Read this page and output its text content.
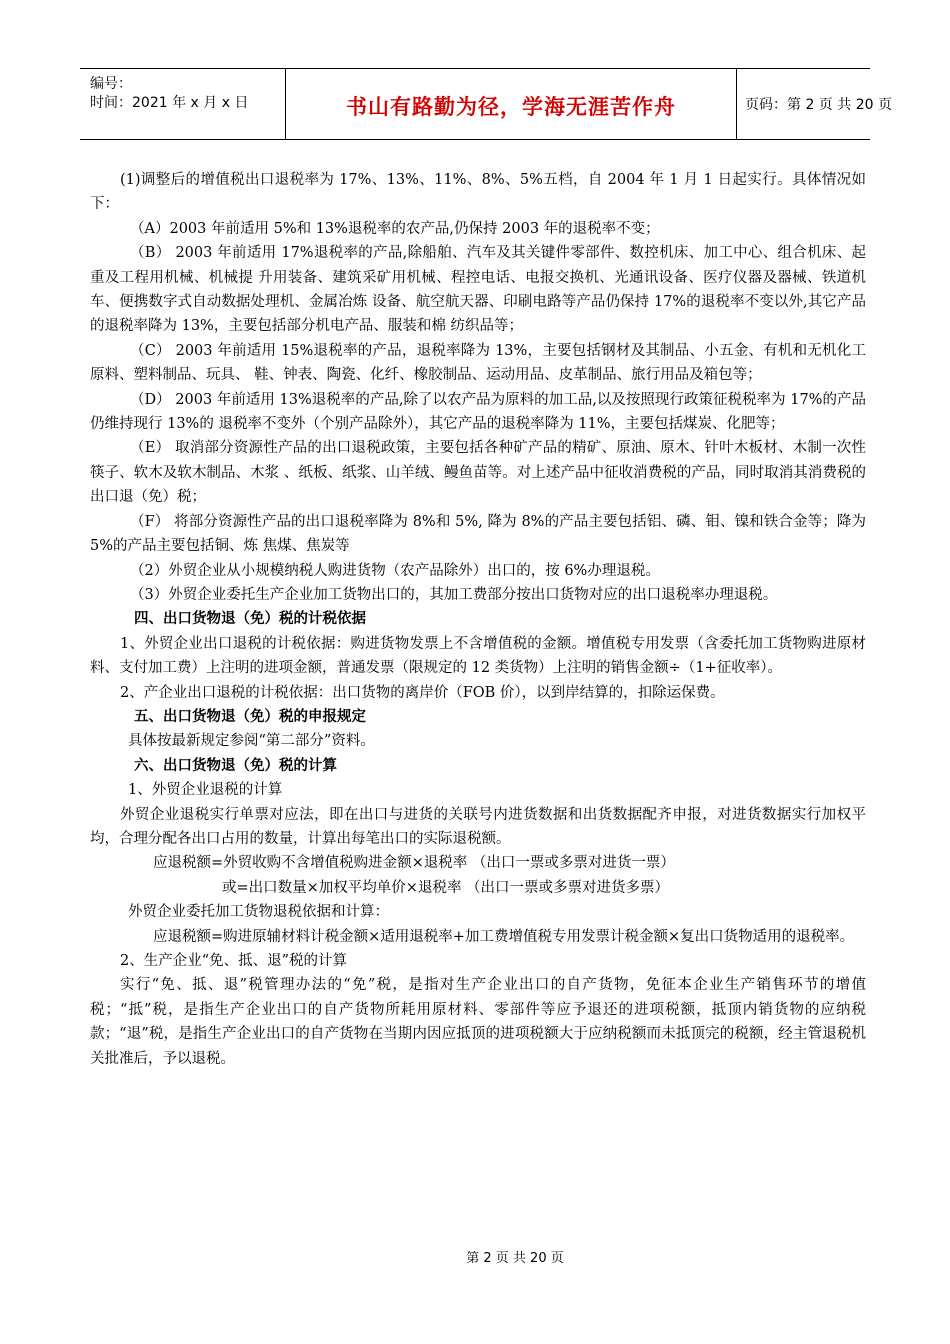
编号：
时间：2021 年 x 月 x 日	书山有路勤为径，学海无涯苦作舟	页码：第 2 页 共 20 页

(1)调整后的增值税出口退税率为 17%、13%、11%、8%、5%五档，自 2004 年 1 月 1 日起实行。具体情况如下：

（A）2003 年前适用 5%和 13%退税率的农产品,仍保持 2003 年的退税率不变；

（B） 2003 年前适用 17%退税率的产品,除船舶、汽车及其关键件零部件、数控机床、加工中心、组合机床、起重及工程用机械、机械提 升用装备、建筑采矿用机械、程控电话、电报交换机、光通讯设备、医疗仪器及器械、铁道机车、便携数字式自动数据处理机、金属冶炼 设备、航空航天器、印刷电路等产品仍保持 17%的退税率不变以外,其它产品的退税率降为 13%，主要包括部分机电产品、服装和棉 纺织品等；

（C） 2003 年前适用 15%退税率的产品，退税率降为 13%，主要包括钢材及其制品、小五金、有机和无机化工原料、塑料制品、玩具、 鞋、钟表、陶瓷、化纤、橡胶制品、运动用品、皮革制品、旅行用品及箱包等；

（D） 2003 年前适用 13%退税率的产品,除了以农产品为原料的加工品,以及按照现行政策征税税率为 17%的产品仍维持现行 13%的 退税率不变外（个别产品除外），其它产品的退税率降为 11%，主要包括煤炭、化肥等；

（E） 取消部分资源性产品的出口退税政策，主要包括各种矿产品的精矿、原油、原木、针叶木板材、木制一次性筷子、软木及软木制品、木浆 、纸板、纸浆、山羊绒、鳗鱼苗等。对上述产品中征收消费税的产品，同时取消其消费税的出口退（免）税；

（F） 将部分资源性产品的出口退税率降为 8%和 5%, 降为 8%的产品主要包括铝、磷、钼、镍和铁合金等；降为 5%的产品主要包括铜、炼 焦煤、焦炭等

（2）外贸企业从小规模纳税人购进货物（农产品除外）出口的，按 6%办理退税。

（3）外贸企业委托生产企业加工货物出口的，其加工费部分按出口货物对应的出口退税率办理退税。

四、出口货物退（免）税的计税依据

1、外贸企业出口退税的计税依据：购进货物发票上不含增值税的金额。增值税专用发票（含委托加工货物购进原材料、支付加工费）上注明的进项金额，普通发票（限规定的 12 类货物）上注明的销售金额÷（1+征收率）。

2、产企业出口退税的计税依据：出口货物的离岸价（FOB 价），以到岸结算的，扣除运保费。

五、出口货物退（免）税的申报规定

具体按最新规定参阅“第二部分”资料。

六、出口货物退（免）税的计算

1、外贸企业退税的计算

外贸企业退税实行单票对应法，即在出口与进货的关联号内进货数据和出货数据配齐申报，对进货数据实行加权平均，合理分配各出口占用的数量，计算出每笔出口的实际退税额。

应退税额=外贸收购不含增值税购进金额×退税率 （出口一票或多票对进货一票）

或=出口数量×加权平均单价×退税率 （出口一票或多票对进货多票）

外贸企业委托加工货物退税依据和计算：

应退税额=购进原辅材料计税金额×适用退税率+加工费增值税专用发票计税金额×复出口货物适用的退税率。

2、生产企业“免、抵、退”税的计算

实行“免、抵、退”税管理办法的“免”税，是指对生产企业出口的自产货物，免征本企业生产销售环节的增值税；“抵”税，是指生产企业出口的自产货物所耗用原材料、零部件等应予退还的进项税额，抵顶内销货物的应纳税款；“退”税，是指生产企业出口的自产货物在当期内因应抵顶的进项税额大于应纳税额而未抵顶完的税额，经主管退税机关批准后，予以退税。

第 2 页 共 20 页
